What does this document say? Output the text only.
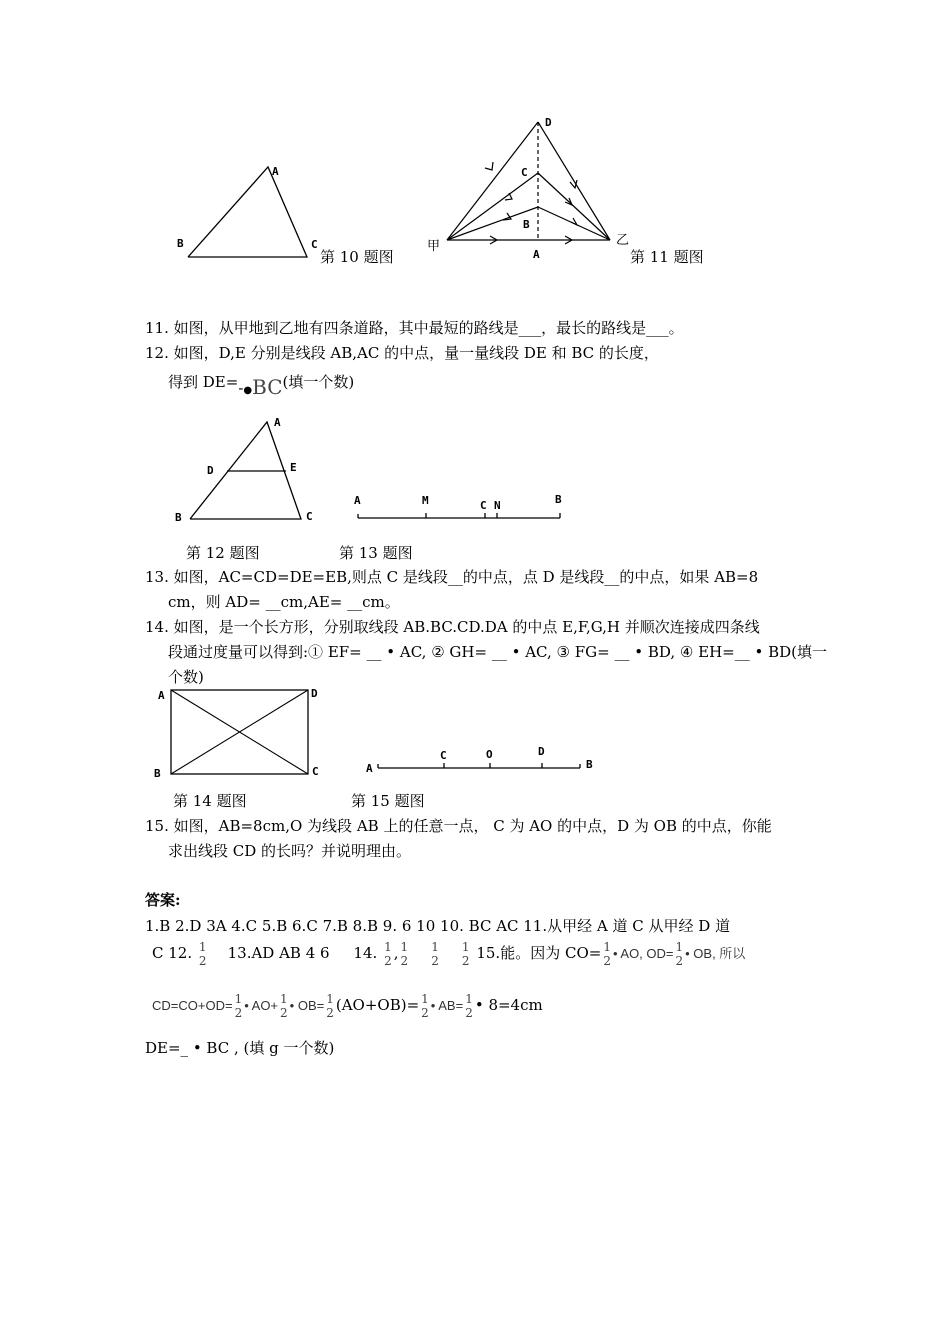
A
B	C
第 10 题图
D
C
B
A
甲	乙
第 11 题图
11. 如图，从甲地到乙地有四条道路，其中最短的路线是___，最长的路线是___。
12. 如图，D,E 分别是线段 AB,AC 的中点，量一量线段 DE 和 BC 的长度，
得到 $DE=-_●BC$(填一个数)
A
D	E
B	C
A	M	C N	B
第 12 题图	第 13 题图
13. 如图，AC=CD=DE=EB,则点 C 是线段__的中点，点 D 是线段__的中点，如果 AB=8
cm，则 AD= __cm,AE= __cm。
14. 如图，是一个长方形，分别取线段 AB.BC.CD.DA 的中点 E,F,G,H 并顺次连接成四条线
段通过度量可以得到:① EF= __ • AC, ② GH= __ • AC, ③ FG= __ • BD, ④ EH=__ • BD(填一
个数)
A	D
B	C	A
C	O	D
B
第 14 题图	第 15 题图
15. 如图，AB=8cm,O 为线段 AB 上的任意一点， C 为 AO 的中点，D 为 OB 的中点，你能
求出线段 CD 的长吗？并说明理由。
答案:
1.B 2.D 3A 4.C 5.B 6.C 7.B 8.B 9. 6 10 10. BC AC 11.从甲经 A 道 C 从甲经 D 道
C 12. 1
2 13.AD AB 4 6 14. 1
2 , 1
2

1
2

1
2 15.能。因为 CO= 1
2 • AO, OD= 1
2 • OB, 所以
CD=CO+OD= 1
2 • AO+ 1
2 • OB= 1
2 (AO+OB)= 1
2 • AB= 1
2 • 8=4cm
DE=_ • BC , (填 g 一个数)
